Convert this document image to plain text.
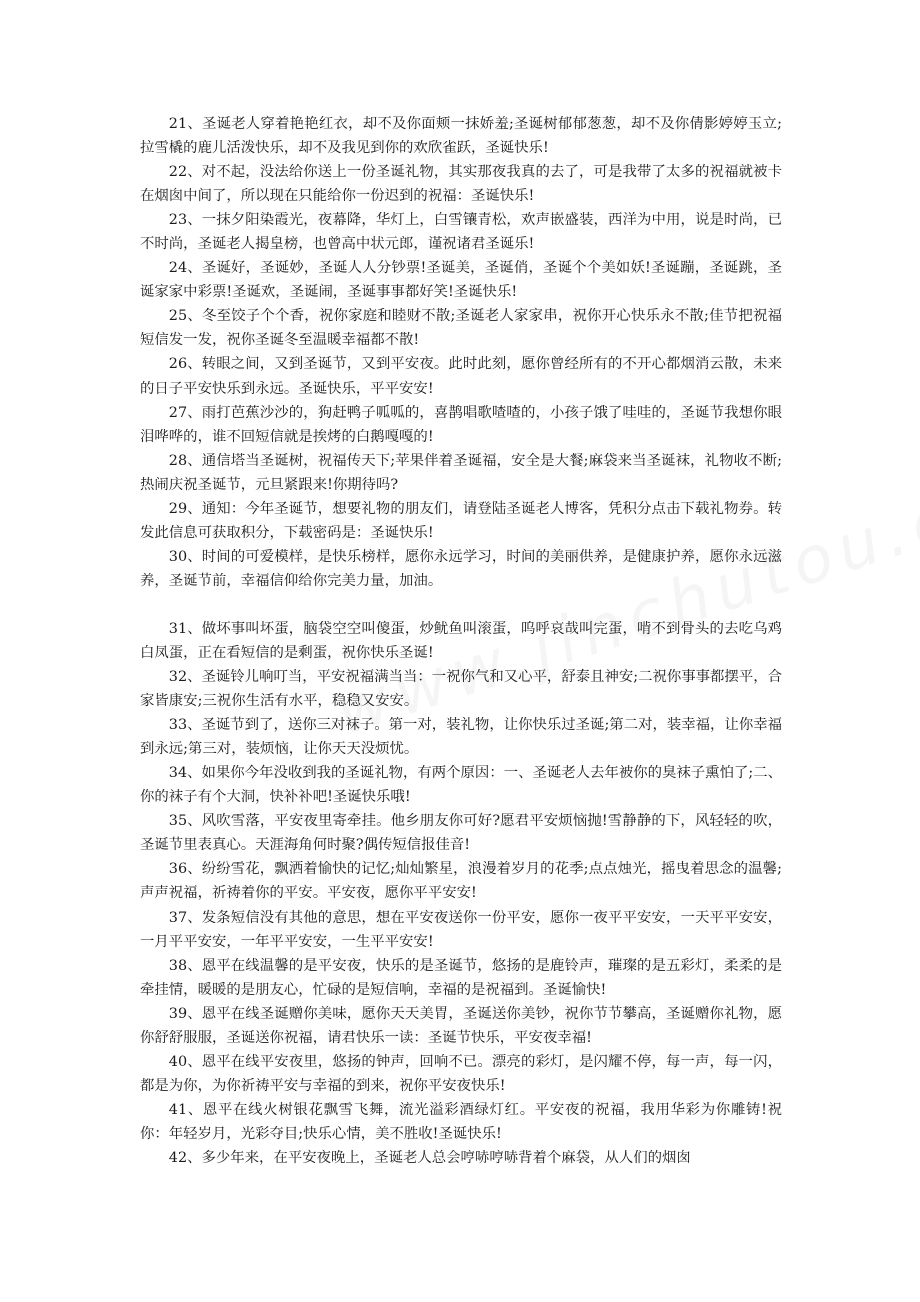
21、圣诞老人穿着艳艳红衣，却不及你面颊一抹娇羞;圣诞树郁郁葱葱，却不及你倩影婷婷玉立;拉雪橇的鹿儿活泼快乐，却不及我见到你的欢欣雀跃，圣诞快乐!

22、对不起，没法给你送上一份圣诞礼物，其实那夜我真的去了，可是我带了太多的祝福就被卡在烟囱中间了，所以现在只能给你一份迟到的祝福：圣诞快乐!

23、一抹夕阳染霞光，夜幕降，华灯上，白雪镶青松，欢声嵌盛装，西洋为中用，说是时尚，已不时尚，圣诞老人揭皇榜，也曾高中状元郎，谨祝诸君圣诞乐!

24、圣诞好，圣诞妙，圣诞人人分钞票!圣诞美，圣诞俏，圣诞个个美如妖!圣诞蹦，圣诞跳，圣诞家家中彩票!圣诞欢，圣诞闹，圣诞事事都好笑!圣诞快乐!

25、冬至饺子个个香，祝你家庭和睦财不散;圣诞老人家家串，祝你开心快乐永不散;佳节把祝福短信发一发，祝你圣诞冬至温暖幸福都不散!

26、转眼之间，又到圣诞节，又到平安夜。此时此刻，愿你曾经所有的不开心都烟消云散，未来的日子平安快乐到永远。圣诞快乐，平平安安!

27、雨打芭蕉沙沙的，狗赶鸭子呱呱的，喜鹊唱歌喳喳的，小孩子饿了哇哇的，圣诞节我想你眼泪哗哗的，谁不回短信就是挨烤的白鹅嘎嘎的!

28、通信塔当圣诞树，祝福传天下;苹果伴着圣诞福，安全是大餐;麻袋来当圣诞袜，礼物收不断;热闹庆祝圣诞节，元旦紧跟来!你期待吗?

29、通知：今年圣诞节，想要礼物的朋友们，请登陆圣诞老人博客，凭积分点击下载礼物券。转发此信息可获取积分，下载密码是：圣诞快乐!

30、时间的可爱模样，是快乐榜样，愿你永远学习，时间的美丽供养，是健康护养，愿你永远滋养，圣诞节前，幸福信仰给你完美力量，加油。

31、做坏事叫坏蛋，脑袋空空叫傻蛋，炒鱿鱼叫滚蛋，呜呼哀哉叫完蛋，啃不到骨头的去吃乌鸡白凤蛋，正在看短信的是剩蛋，祝你快乐圣诞!

32、圣诞铃儿响叮当，平安祝福满当当：一祝你气和又心平，舒泰且神安;二祝你事事都摆平，合家皆康安;三祝你生活有水平，稳稳又安安。

33、圣诞节到了，送你三对袜子。第一对，装礼物，让你快乐过圣诞;第二对，装幸福，让你幸福到永远;第三对，装烦恼，让你天天没烦忧。

34、如果你今年没收到我的圣诞礼物，有两个原因：一、圣诞老人去年被你的臭袜子熏怕了;二、你的袜子有个大洞，快补补吧!圣诞快乐哦!

35、风吹雪落，平安夜里寄牵挂。他乡朋友你可好?愿君平安烦恼抛!雪静静的下，风轻轻的吹，圣诞节里表真心。天涯海角何时聚?偶传短信报佳音!

36、纷纷雪花，飘洒着愉快的记忆;灿灿繁星，浪漫着岁月的花季;点点烛光，摇曳着思念的温馨;声声祝福，祈祷着你的平安。平安夜，愿你平平安安!

37、发条短信没有其他的意思，想在平安夜送你一份平安，愿你一夜平平安安，一天平平安安，一月平平安安，一年平平安安，一生平平安安!

38、恩平在线温馨的是平安夜，快乐的是圣诞节，悠扬的是鹿铃声，璀璨的是五彩灯，柔柔的是牵挂情，暖暖的是朋友心，忙碌的是短信响，幸福的是祝福到。圣诞愉快!

39、恩平在线圣诞赠你美味，愿你天天美胃，圣诞送你美钞，祝你节节攀高，圣诞赠你礼物，愿你舒舒服服，圣诞送你祝福，请君快乐一读：圣诞节快乐，平安夜幸福!

40、恩平在线平安夜里，悠扬的钟声，回响不已。漂亮的彩灯，是闪耀不停，每一声，每一闪，都是为你，为你祈祷平安与幸福的到来，祝你平安夜快乐!

41、恩平在线火树银花飘雪飞舞，流光溢彩酒绿灯红。平安夜的祝福，我用华彩为你雕铸!祝你：年轻岁月，光彩夺目;快乐心情，美不胜收!圣诞快乐!

42、多少年来，在平安夜晚上，圣诞老人总会哼哧哼哧背着个麻袋，从人们的烟囱
